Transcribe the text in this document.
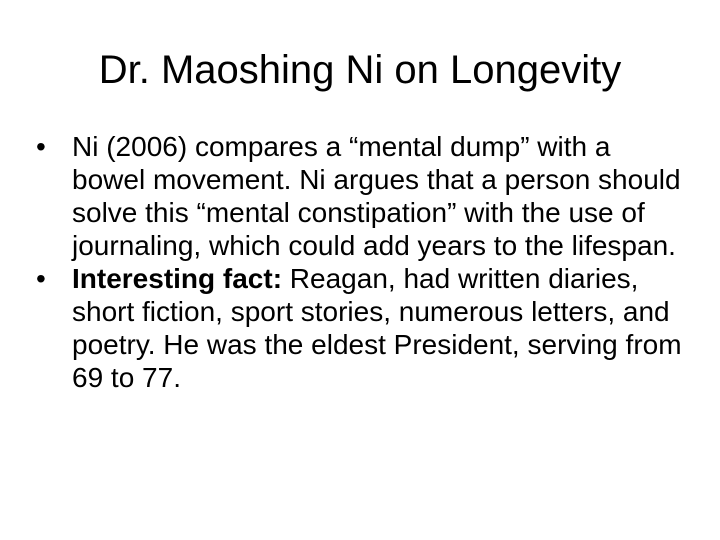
Dr. Maoshing Ni on Longevity
• Ni (2006) compares a “mental dump” with a bowel movement. Ni argues that a person should solve this “mental constipation” with the use of journaling, which could add years to the lifespan.
• Interesting fact: Reagan, had written diaries, short fiction, sport stories, numerous letters, and poetry. He was the eldest President, serving from 69 to 77.
